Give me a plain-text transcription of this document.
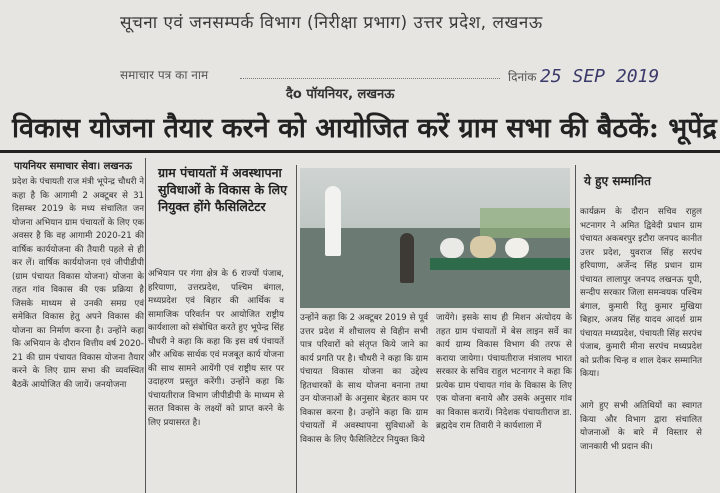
सूचना एवं जनसम्पर्क विभाग (निरीक्षा प्रभाग) उत्तर प्रदेश, लखनऊ
समाचार पत्र का नाम
दैo पॉयनियर, लखनऊ
दिनांक 25 SEP 2019
विकास योजना तैयार करने को आयोजित करें ग्राम सभा की बैठकें: भूपेंद्र
पायनियर समाचार सेवा। लखनऊ
प्रदेश के पंचायती राज मंत्री भूपेन्द्र चौधरी ने कहा है कि आगामी 2 अक्टूबर से 31 दिसम्बर 2019 के मध्य संचालित जन योजना अभियान ग्राम पंचायतों के लिए एक अवसर है कि वह आगामी 2020-21 की वार्षिक कार्ययोजना की तैयारी पहले से ही कर लें। वार्षिक कार्ययोजना एवं जीपीडीपी (ग्राम पंचायत विकास योजना) योजना के तहत गांव विकास की एक प्रक्रिया है जिसके माध्यम से उनकी समग्र एवं समेकित विकास हेतु अपने विकास की योजना का निर्माण करना है। उन्होंने कहा कि अभियान के दौरान वित्तीय वर्ष 2020-21 की ग्राम पंचायत विकास योजना तैयार करने के लिए ग्राम सभा की व्यवस्थित बैठकें आयोजित की जायें। जनयोजना
ग्राम पंचायतों में अवस्थापना सुविधाओं के विकास के लिए नियुक्त होंगे फैसिलिटेटर
अभियान पर गंगा क्षेत्र के 6 राज्यों पंजाब, हरियाणा, उत्तरप्रदेश, पश्चिम बंगाल, मध्यप्रदेश एवं बिहार की आर्थिक व सामाजिक परिवर्तन पर आयोजित राष्ट्रीय कार्यशाला को संबोधित करते हुए भूपेन्द्र सिंह चौधरी ने कहा कि कहा कि इस वर्ष पंचायतें और अधिक सार्थक एवं मजबूत कार्य योजना की साथ सामने आयेंगी एवं राष्ट्रीय स्तर पर उदाहरण प्रस्तुत करेंगी। उन्होंने कहा कि पंचायतीराज विभाग जीपीडीपी के माध्यम से सतत विकास के लक्ष्यों को प्राप्त करने के लिए प्रयासरत है।
उन्होंने कहा कि 2 अक्टूबर 2019 से पूर्व उत्तर प्रदेश में शौचालय से विहीन सभी पात्र परिवारों को संतृप्त किये जाने का कार्य प्रगति पर है। चौधरी ने कहा कि ग्राम पंचायत विकास योजना का उद्देश्य हितधारकों के साथ योजना बनाना तथा उन योजनाओं के अनुसार बेहतर काम पर विकास करना है। उन्होंने कहा कि ग्राम पंचायतों में अवस्थापना सुविधाओं के विकास के लिए फैसिलिटेटर नियुक्त किये
जायेंगे। इसके साथ ही मिशन अंत्योदय के तहत ग्राम पंचायतों में बेस लाइन सर्वे का कार्य ग्राम्य विकास विभाग की तरफ से कराया जायेगा। पंचायतीराज मंत्रालय भारत सरकार के सचिव राहुल भटनागर ने कहा कि प्रत्येक ग्राम पंचायत गांव के विकास के लिए एक योजना बनाये और उसके अनुसार गांव का विकास करायें। निदेशक पंचायतीराज डा. ब्रह्मदेव राम तिवारी ने कार्यशाला में
ये हुए सम्मानित
कार्यक्रम के दौरान सचिव राहुल भटनागर ने अमित द्विवेदी प्रधान ग्राम पंचायत अकबरपुर इटौरा जनपद कानीत उत्तर प्रदेश, युवराज सिंह सरपंच हरियाणा, अर्जेन्द सिंह प्रधान ग्राम पंचायत लालापुर जनपद लखनऊ यूपी, सन्दीप सरकार जिला समन्वयक पश्चिम बंगाल, कुमारी रितु कुमार मुखिया बिहार, अजय सिंह यादव आदर्श ग्राम पंचायत मध्यप्रदेश, पंचायती सिंह सरपंच पंजाब, कुमारी मीना सरपंच मध्यप्रदेश को प्रतीक चिन्ह व शाल देकर सम्मानित किया।
आगे हुए सभी अतिथियों का स्वागत किया और विभाग द्वारा संचालित योजनाओं के बारे में विस्तार से जानकारी भी प्रदान की।
